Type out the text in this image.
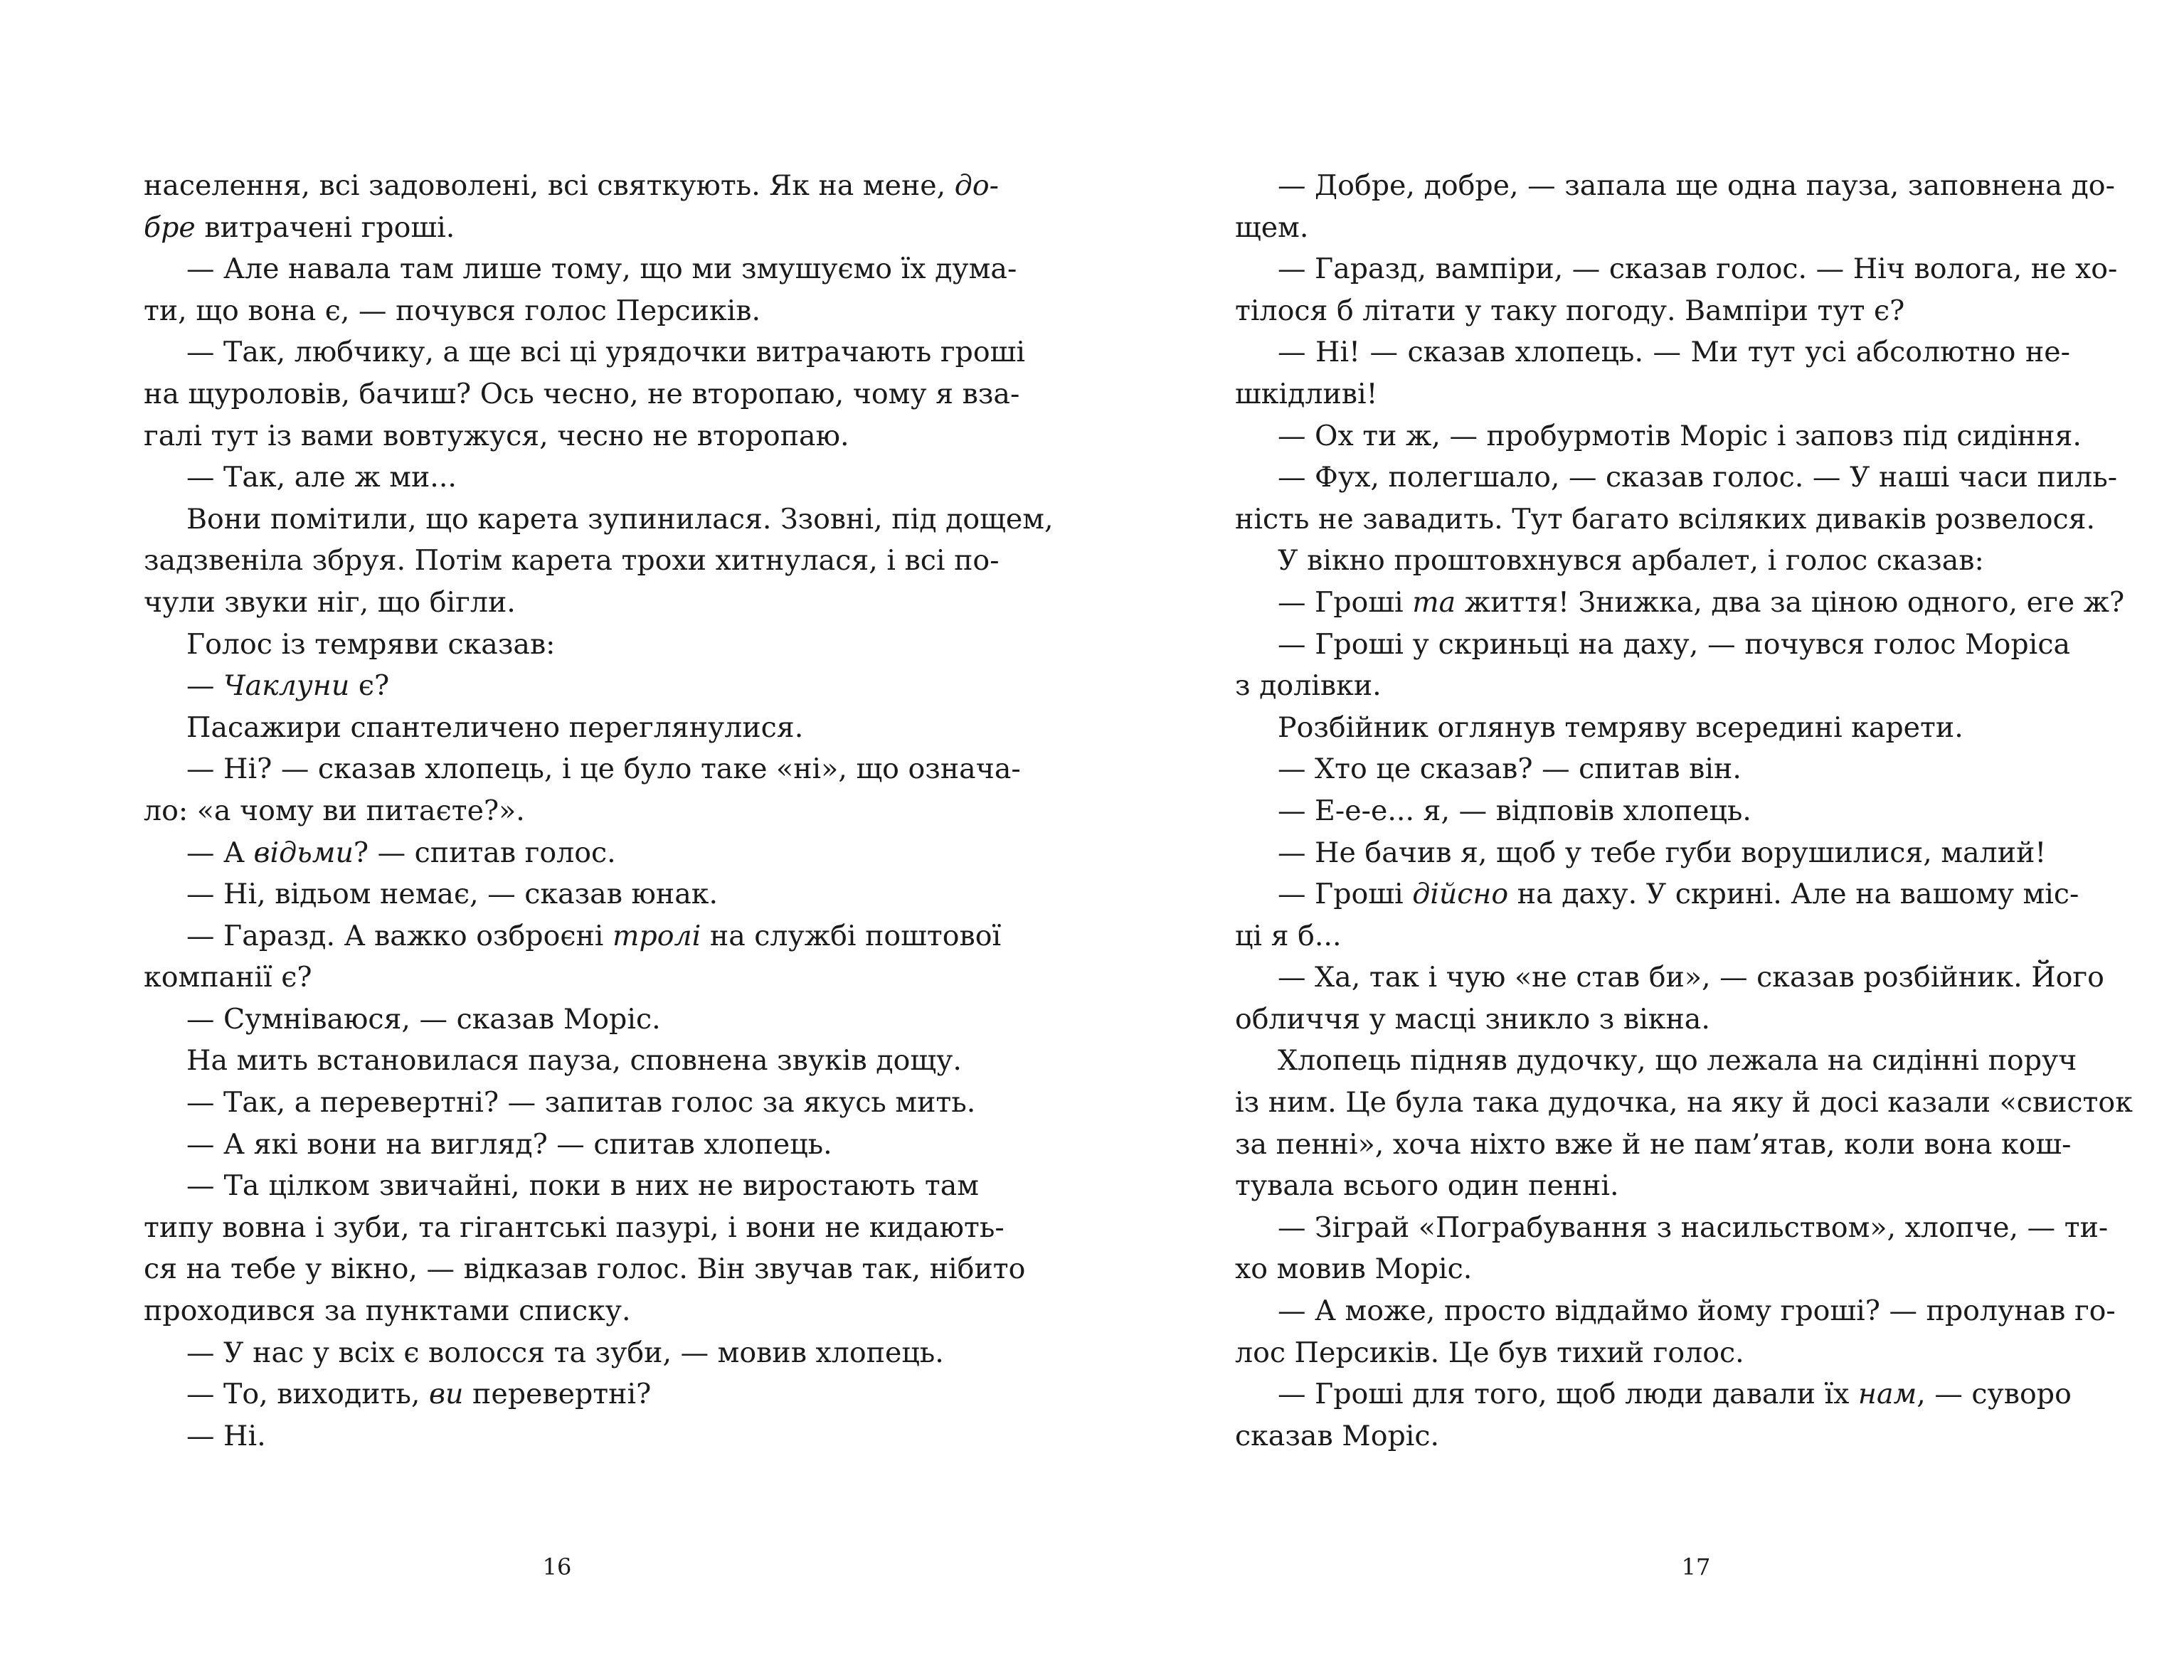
населення, всі задоволені, всі святкують. Як на мене, до-
бре витрачені гроші.
— Але навала там лише тому, що ми змушуємо їх дума-
ти, що вона є, — почувся голос Персиків.
— Так, любчику, а ще всі ці урядочки витрачають гроші
на щуроловів, бачиш? Ось чесно, не второпаю, чому я вза-
галі тут із вами вовтужуся, чесно не второпаю.
— Так, але ж ми...
Вони помітили, що карета зупинилася. Ззовні, під дощем,
задзвеніла збруя. Потім карета трохи хитнулася, і всі по-
чули звуки ніг, що бігли.
Голос із темряви сказав:
— Чаклуни є?
Пасажири спантеличено переглянулися.
— Ні? — сказав хлопець, і це було таке «ні», що означа-
ло: «а чому ви питаєте?».
— А відьми? — спитав голос.
— Ні, відьом немає, — сказав юнак.
— Гаразд. А важко озброєні тролі на службі поштової
компанії є?
— Сумніваюся, — сказав Моріс.
На мить встановилася пауза, сповнена звуків дощу.
— Так, а перевертні? — запитав голос за якусь мить.
— А які вони на вигляд? — спитав хлопець.
— Та цілком звичайні, поки в них не виростають там
типу вовна і зуби, та гігантські пазурі, і вони не кидають-
ся на тебе у вікно, — відказав голос. Він звучав так, нібито
проходився за пунктами списку.
— У нас у всіх є волосся та зуби, — мовив хлопець.
— То, виходить, ви перевертні?
— Ні.
16
— Добре, добре, — запала ще одна пауза, заповнена до-
щем.
— Гаразд, вампіри, — сказав голос. — Ніч волога, не хо-
тілося б літати у таку погоду. Вампіри тут є?
— Ні! — сказав хлопець. — Ми тут усі абсолютно не-
шкідливі!
— Ох ти ж, — пробурмотів Моріс і заповз під сидіння.
— Фух, полегшало, — сказав голос. — У наші часи пиль-
ність не завадить. Тут багато всіляких диваків розвелося.
У вікно проштовхнувся арбалет, і голос сказав:
— Гроші та життя! Знижка, два за ціною одного, еге ж?
— Гроші у скриньці на даху, — почувся голос Моріса
з долівки.
Розбійник оглянув темряву всередині карети.
— Хто це сказав? — спитав він.
— Е-е-е... я, — відповів хлопець.
— Не бачив я, щоб у тебе губи ворушилися, малий!
— Гроші дійсно на даху. У скрині. Але на вашому міс-
ці я б...
— Ха, так і чую «не став би», — сказав розбійник. Його
обличчя у масці зникло з вікна.
Хлопець підняв дудочку, що лежала на сидінні поруч
із ним. Це була така дудочка, на яку й досі казали «свисток
за пенні», хоча ніхто вже й не пам’ятав, коли вона кош-
тувала всього один пенні.
— Зіграй «Пограбування з насильством», хлопче, — ти-
хо мовив Моріс.
— А може, просто віддаймо йому гроші? — пролунав го-
лос Персиків. Це був тихий голос.
— Гроші для того, щоб люди давали їх нам, — суворо
сказав Моріс.
17
